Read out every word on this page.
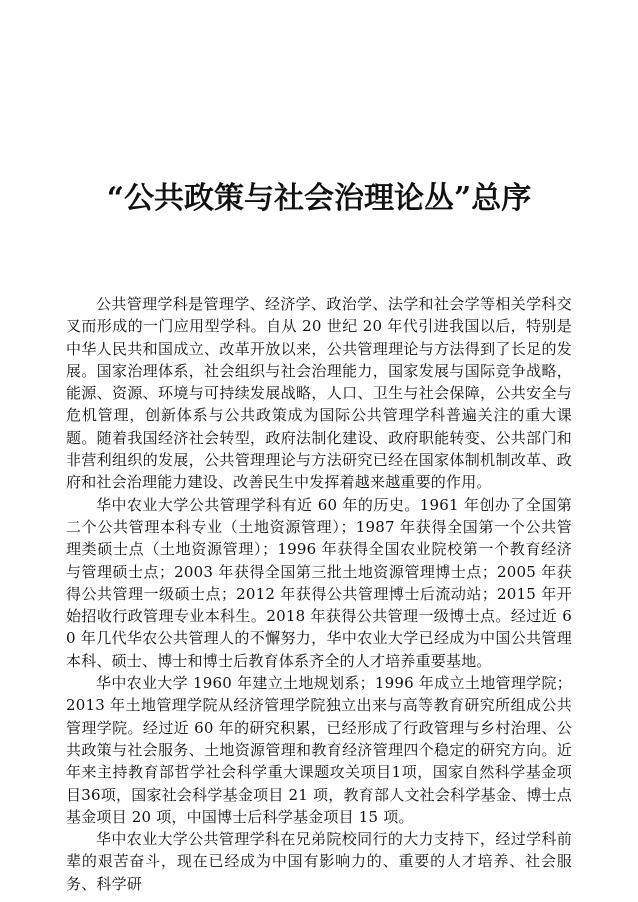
“公共政策与社会治理论丛”总序

公共管理学科是管理学、经济学、政治学、法学和社会学等相关学科交叉而形成的一门应用型学科。自从 20 世纪 20 年代引进我国以后，特别是中华人民共和国成立、改革开放以来，公共管理理论与方法得到了长足的发展。国家治理体系，社会组织与社会治理能力，国家发展与国际竞争战略，能源、资源、环境与可持续发展战略，人口、卫生与社会保障，公共安全与危机管理，创新体系与公共政策成为国际公共管理学科普遍关注的重大课题。随着我国经济社会转型，政府法制化建设、政府职能转变、公共部门和非营利组织的发展，公共管理理论与方法研究已经在国家体制机制改革、政府和社会治理能力建设、改善民生中发挥着越来越重要的作用。

华中农业大学公共管理学科有近 60 年的历史。1961 年创办了全国第二个公共管理本科专业（土地资源管理）；1987 年获得全国第一个公共管理类硕士点（土地资源管理）；1996 年获得全国农业院校第一个教育经济与管理硕士点；2003 年获得全国第三批土地资源管理博士点；2005 年获得公共管理一级硕士点；2012 年获得公共管理博士后流动站；2015 年开始招收行政管理专业本科生。2018 年获得公共管理一级博士点。经过近 60 年几代华农公共管理人的不懈努力，华中农业大学已经成为中国公共管理本科、硕士、博士和博士后教育体系齐全的人才培养重要基地。

华中农业大学 1960 年建立土地规划系；1996 年成立土地管理学院；2013 年土地管理学院从经济管理学院独立出来与高等教育研究所组成公共管理学院。经过近 60 年的研究积累，已经形成了行政管理与乡村治理、公共政策与社会服务、土地资源管理和教育经济管理四个稳定的研究方向。近年来主持教育部哲学社会科学重大课题攻关项目1项，国家自然科学基金项目36项，国家社会科学基金项目 21 项，教育部人文社会科学基金、博士点基金项目 20 项，中国博士后科学基金项目 15 项。

华中农业大学公共管理学科在兄弟院校同行的大力支持下，经过学科前辈的艰苦奋斗，现在已经成为中国有影响力的、重要的人才培养、社会服务、科学研
